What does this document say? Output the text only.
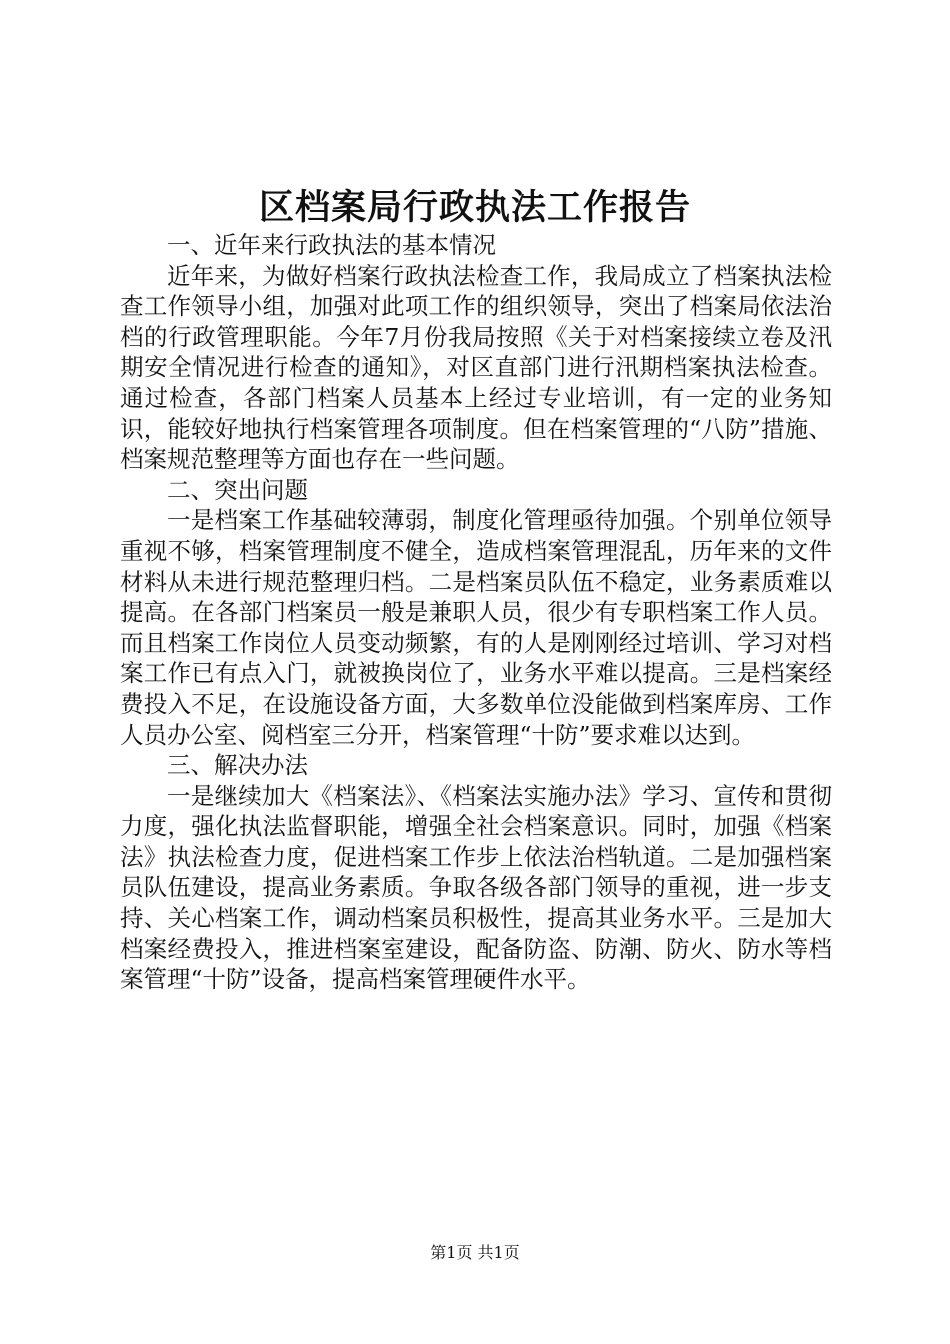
区档案局行政执法工作报告

一、近年来行政执法的基本情况

近年来，为做好档案行政执法检查工作，我局成立了档案执法检查工作领导小组，加强对此项工作的组织领导，突出了档案局依法治档的行政管理职能。今年7月份我局按照《关于对档案接续立卷及汛期安全情况进行检查的通知》，对区直部门进行汛期档案执法检查。通过检查，各部门档案人员基本上经过专业培训，有一定的业务知识，能较好地执行档案管理各项制度。但在档案管理的“八防”措施、档案规范整理等方面也存在一些问题。

二、突出问题

一是档案工作基础较薄弱，制度化管理亟待加强。个别单位领导重视不够，档案管理制度不健全，造成档案管理混乱，历年来的文件材料从未进行规范整理归档。二是档案员队伍不稳定，业务素质难以提高。在各部门档案员一般是兼职人员，很少有专职档案工作人员。而且档案工作岗位人员变动频繁，有的人是刚刚经过培训、学习对档案工作已有点入门，就被换岗位了，业务水平难以提高。三是档案经费投入不足，在设施设备方面，大多数单位没能做到档案库房、工作人员办公室、阅档室三分开，档案管理“十防”要求难以达到。

三、解决办法

一是继续加大《档案法》、《档案法实施办法》学习、宣传和贯彻力度，强化执法监督职能，增强全社会档案意识。同时，加强《档案法》执法检查力度，促进档案工作步上依法治档轨道。二是加强档案员队伍建设，提高业务素质。争取各级各部门领导的重视，进一步支持、关心档案工作，调动档案员积极性，提高其业务水平。三是加大档案经费投入，推进档案室建设，配备防盗、防潮、防火、防水等档案管理“十防”设备，提高档案管理硬件水平。

第1页 共1页
